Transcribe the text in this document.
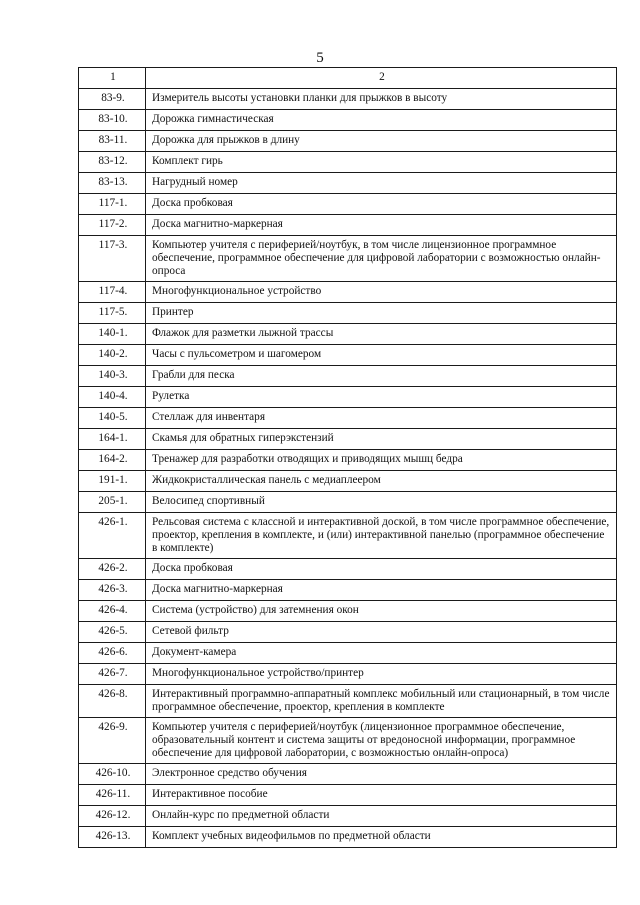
5
1	2
83-9.	Измеритель высоты установки планки для прыжков в высоту
83-10.	Дорожка гимнастическая
83-11.	Дорожка для прыжков в длину
83-12.	Комплект гирь
83-13.	Нагрудный номер
117-1.	Доска пробковая
117-2.	Доска магнитно-маркерная
117-3.	Компьютер учителя с периферией/ноутбук, в том числе лицензионное программное обеспечение, программное обеспечение для цифровой лаборатории с возможностью онлайн-опроса
117-4.	Многофункциональное устройство
117-5.	Принтер
140-1.	Флажок для разметки лыжной трассы
140-2.	Часы с пульсометром и шагомером
140-3.	Грабли для песка
140-4.	Рулетка
140-5.	Стеллаж для инвентаря
164-1.	Скамья для обратных гиперэкстензий
164-2.	Тренажер для разработки отводящих и приводящих мышц бедра
191-1.	Жидкокристаллическая панель с медиаплеером
205-1.	Велосипед спортивный
426-1.	Рельсовая система с классной и интерактивной доской, в том числе программное обеспечение, проектор, крепления в комплекте, и (или) интерактивной панелью (программное обеспечение в комплекте)
426-2.	Доска пробковая
426-3.	Доска магнитно-маркерная
426-4.	Система (устройство) для затемнения окон
426-5.	Сетевой фильтр
426-6.	Документ-камера
426-7.	Многофункциональное устройство/принтер
426-8.	Интерактивный программно-аппаратный комплекс мобильный или стационарный, в том числе программное обеспечение, проектор, крепления в комплекте
426-9.	Компьютер учителя с периферией/ноутбук (лицензионное программное обеспечение, образовательный контент и система защиты от вредоносной информации, программное обеспечение для цифровой лаборатории, с возможностью онлайн-опроса)
426-10.	Электронное средство обучения
426-11.	Интерактивное пособие
426-12.	Онлайн-курс по предметной области
426-13.	Комплект учебных видеофильмов по предметной области
